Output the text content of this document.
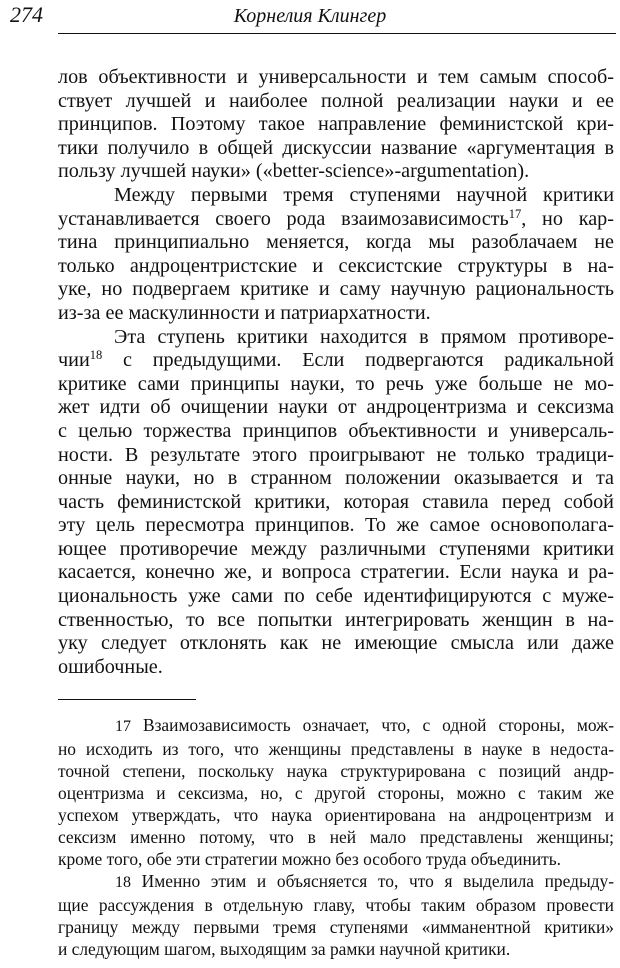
274	Корнелия Клингер
лов объективности и универсальности и тем самым способ-
ствует лучшей и наиболее полной реализации науки и ее
принципов. Поэтому такое направление феминистской кри-
тики получило в общей дискуссии название «аргументация в
пользу лучшей науки» («better-science»-argumentation).
Между первыми тремя ступенями научной критики
устанавливается своего рода взаимозависимость$^{17}$, но кар-
тина принципиально меняется, когда мы разоблачаем не
только андроцентристские и сексистские структуры в на-
уке, но подвергаем критике и саму научную рациональность
из-за ее маскулинности и патриархатности.
Эта ступень критики находится в прямом противоре-
чии$^{18}$ с предыдущими. Если подвергаются радикальной
критике сами принципы науки, то речь уже больше не мо-
жет идти об очищении науки от андроцентризма и сексизма
с целью торжества принципов объективности и универсаль-
ности. В результате этого проигрывают не только традици-
онные науки, но в странном положении оказывается и та
часть феминистской критики, которая ставила перед собой
эту цель пересмотра принципов. То же самое основополага-
ющее противоречие между различными ступенями критики
касается, конечно же, и вопроса стратегии. Если наука и ра-
циональность уже сами по себе идентифицируются с муже-
ственностью, то все попытки интегрировать женщин в на-
уку следует отклонять как не имеющие смысла или даже
ошибочные.
17 Взаимозависимость означает, что, с одной стороны, мож-
но исходить из того, что женщины представлены в науке в недоста-
точной степени, поскольку наука структурирована с позиций андр-
оцентризма и сексизма, но, с другой стороны, можно с таким же
успехом утверждать, что наука ориентирована на андроцентризм и
сексизм именно потому, что в ней мало представлены женщины;
кроме того, обе эти стратегии можно без особого труда объединить.
18 Именно этим и объясняется то, что я выделила предыду-
щие рассуждения в отдельную главу, чтобы таким образом провести
границу между первыми тремя ступенями «имманентной критики»
и следующим шагом, выходящим за рамки научной критики.
